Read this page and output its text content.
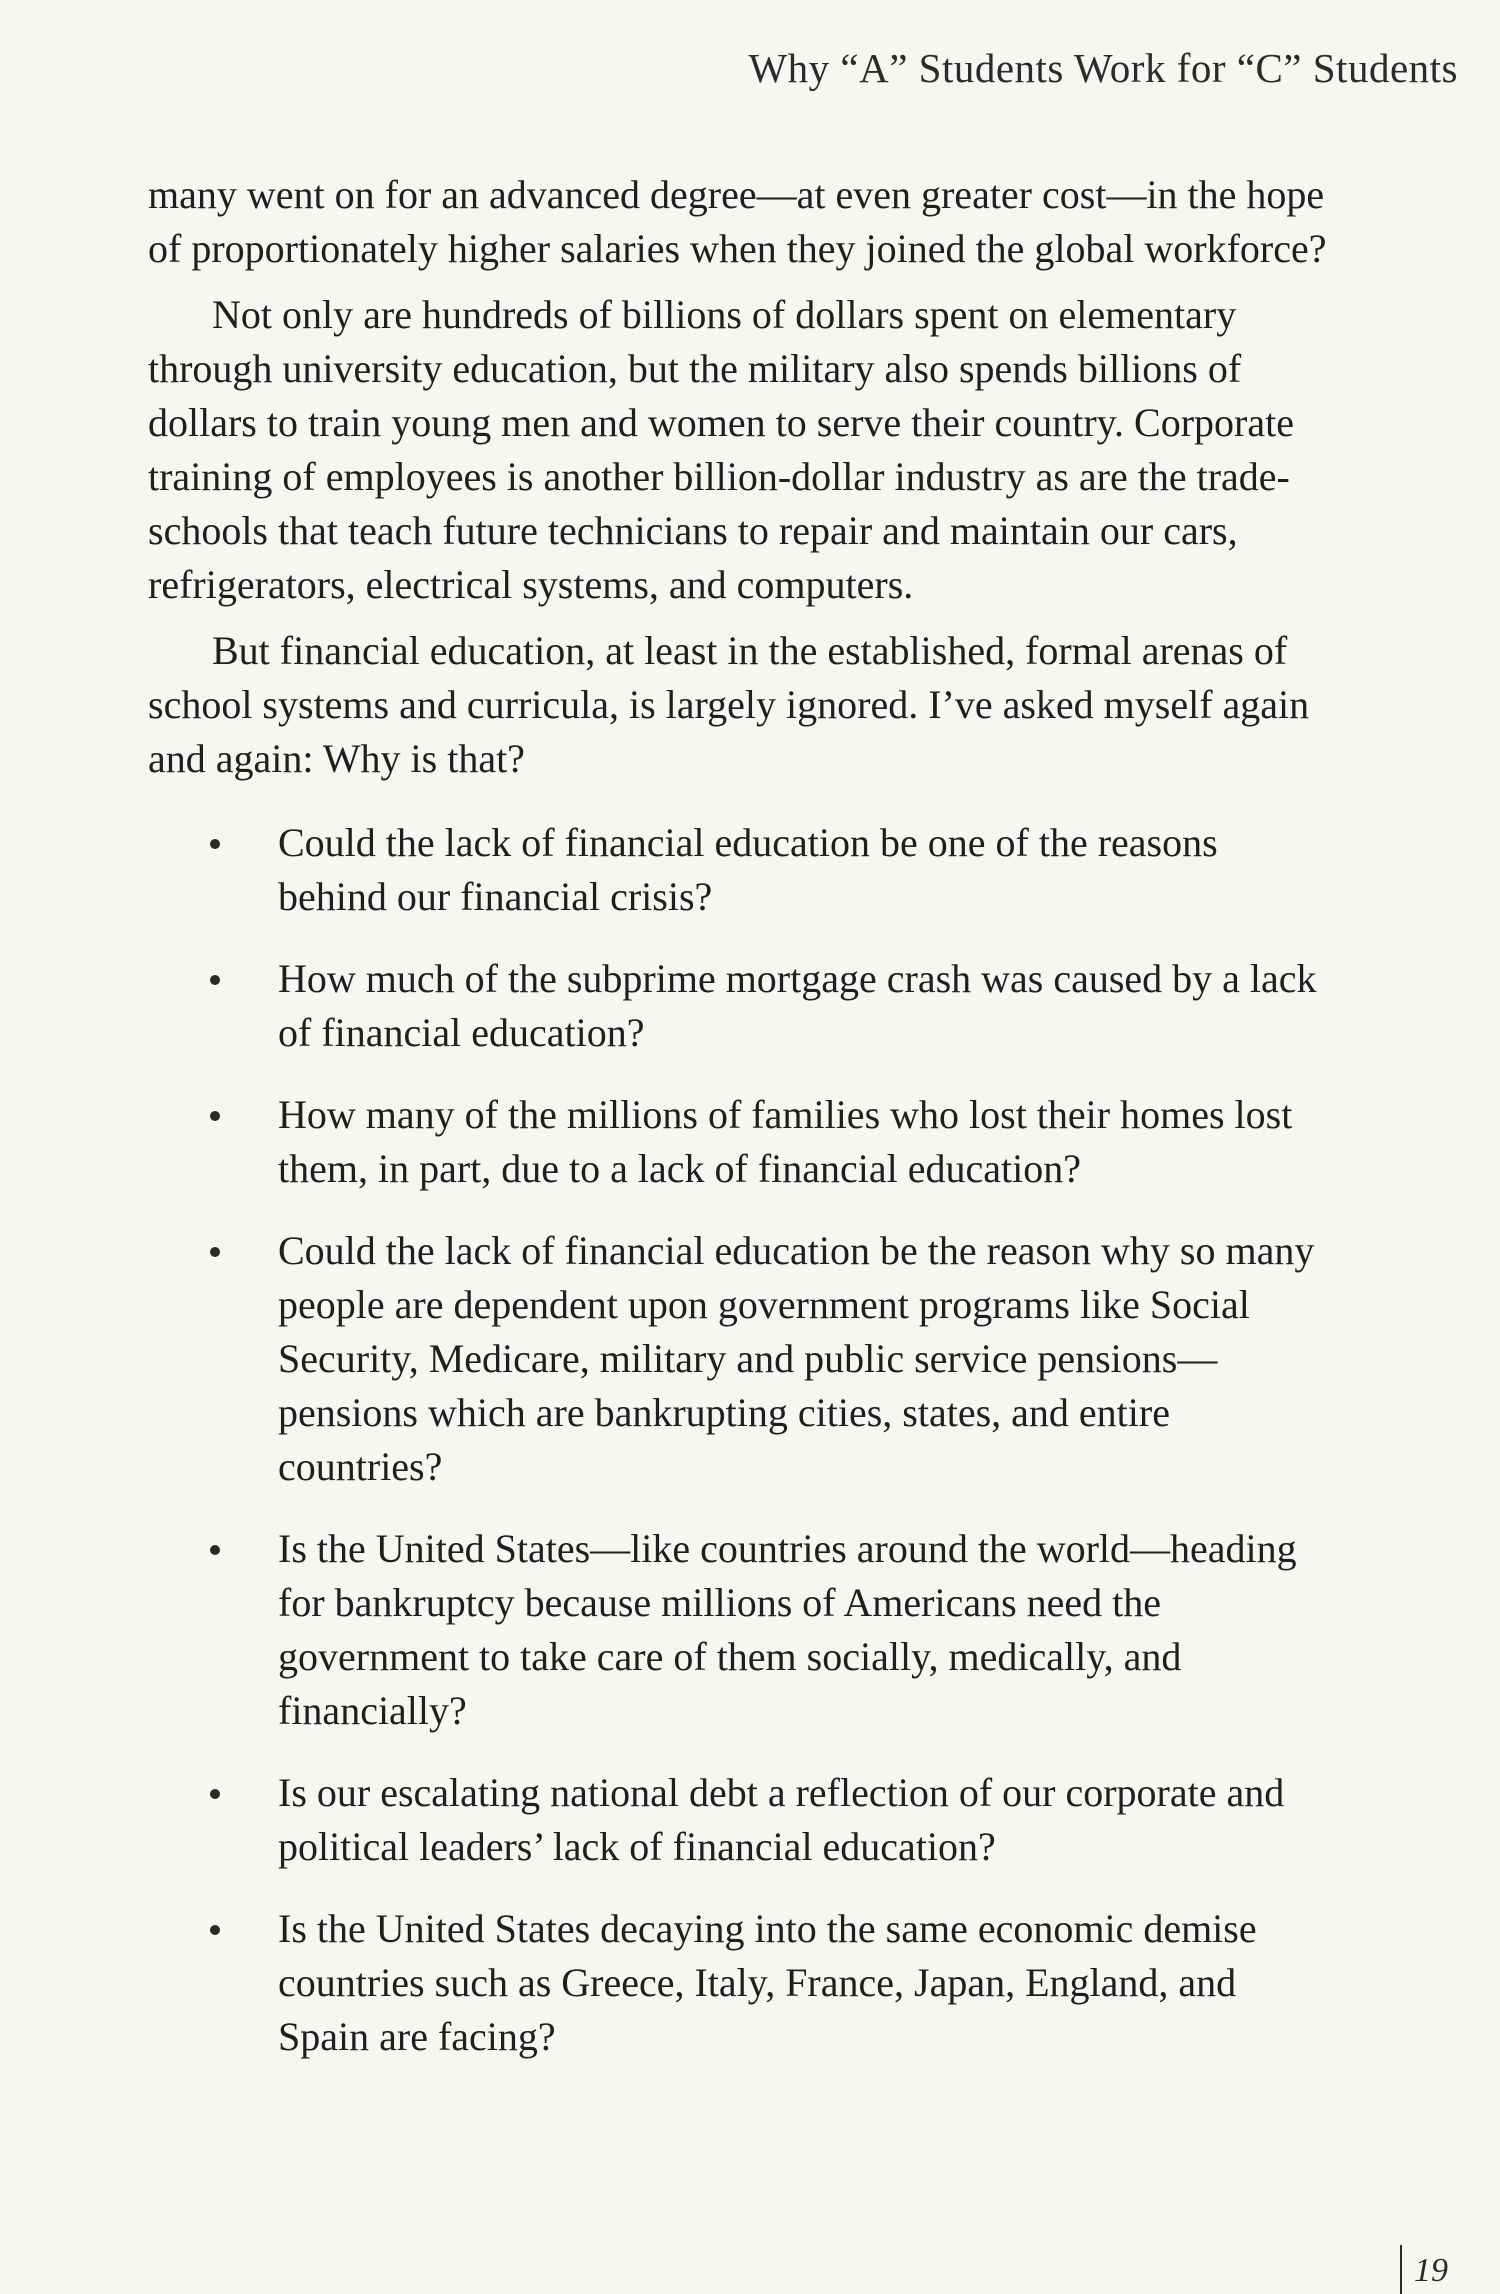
Why “A” Students Work for “C” Students

many went on for an advanced degree—at even greater cost—in the hope of proportionately higher salaries when they joined the global workforce?

Not only are hundreds of billions of dollars spent on elementary through university education, but the military also spends billions of dollars to train young men and women to serve their country. Corporate training of employees is another billion-dollar industry as are the trade-schools that teach future technicians to repair and maintain our cars, refrigerators, electrical systems, and computers.

But financial education, at least in the established, formal arenas of school systems and curricula, is largely ignored. I’ve asked myself again and again: Why is that?

Could the lack of financial education be one of the reasons behind our financial crisis?
How much of the subprime mortgage crash was caused by a lack of financial education?
How many of the millions of families who lost their homes lost them, in part, due to a lack of financial education?
Could the lack of financial education be the reason why so many people are dependent upon government programs like Social Security, Medicare, military and public service pensions—pensions which are bankrupting cities, states, and entire countries?
Is the United States—like countries around the world—heading for bankruptcy because millions of Americans need the government to take care of them socially, medically, and financially?
Is our escalating national debt a reflection of our corporate and political leaders’ lack of financial education?
Is the United States decaying into the same economic demise countries such as Greece, Italy, France, Japan, England, and Spain are facing?
19
